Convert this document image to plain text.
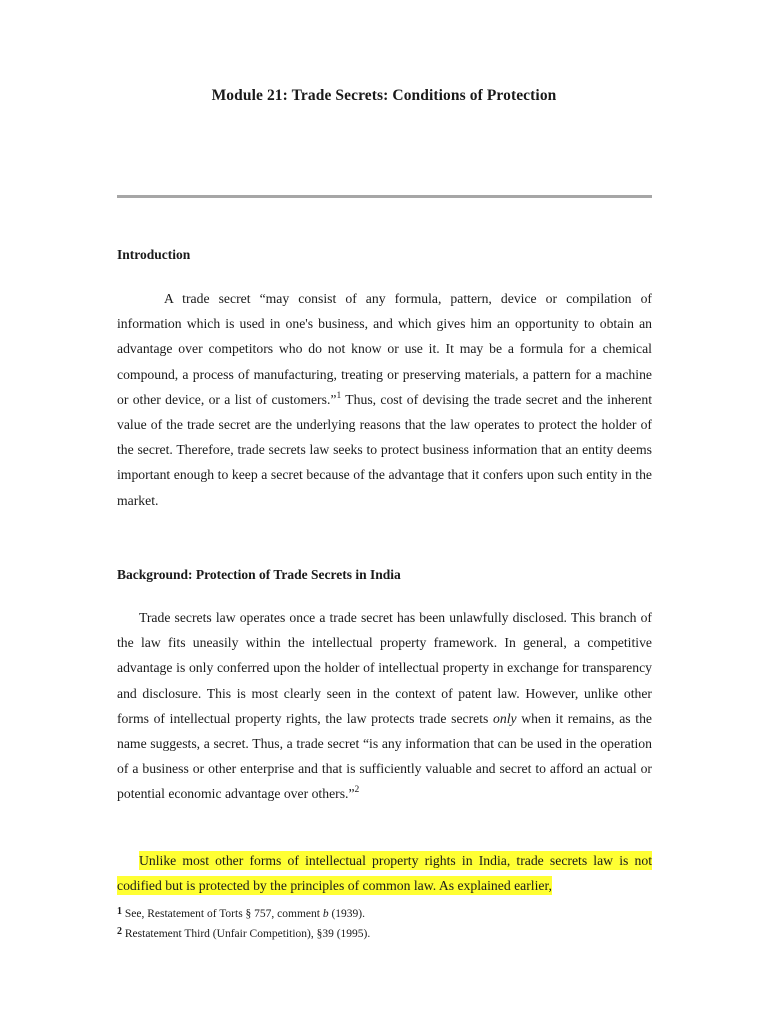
Module 21: Trade Secrets: Conditions of Protection
Introduction

A trade secret “may consist of any formula, pattern, device or compilation of information which is used in one's business, and which gives him an opportunity to obtain an advantage over competitors who do not know or use it. It may be a formula for a chemical compound, a process of manufacturing, treating or preserving materials, a pattern for a machine or other device, or a list of customers.”$^1$ Thus, cost of devising the trade secret and the inherent value of the trade secret are the underlying reasons that the law operates to protect the holder of the secret. Therefore, trade secrets law seeks to protect business information that an entity deems important enough to keep a secret because of the advantage that it confers upon such entity in the market.

Background: Protection of Trade Secrets in India

Trade secrets law operates once a trade secret has been unlawfully disclosed. This branch of the law fits uneasily within the intellectual property framework. In general, a competitive advantage is only conferred upon the holder of intellectual property in exchange for transparency and disclosure. This is most clearly seen in the context of patent law. However, unlike other forms of intellectual property rights, the law protects trade secrets only when it remains, as the name suggests, a secret. Thus, a trade secret “is any information that can be used in the operation of a business or other enterprise and that is sufficiently valuable and secret to afford an actual or potential economic advantage over others.”$^2$

Unlike most other forms of intellectual property rights in India, trade secrets law is not codified but is protected by the principles of common law. As explained earlier,

1 See, Restatement of Torts § 757, comment b (1939).
2 Restatement Third (Unfair Competition), §39 (1995).
